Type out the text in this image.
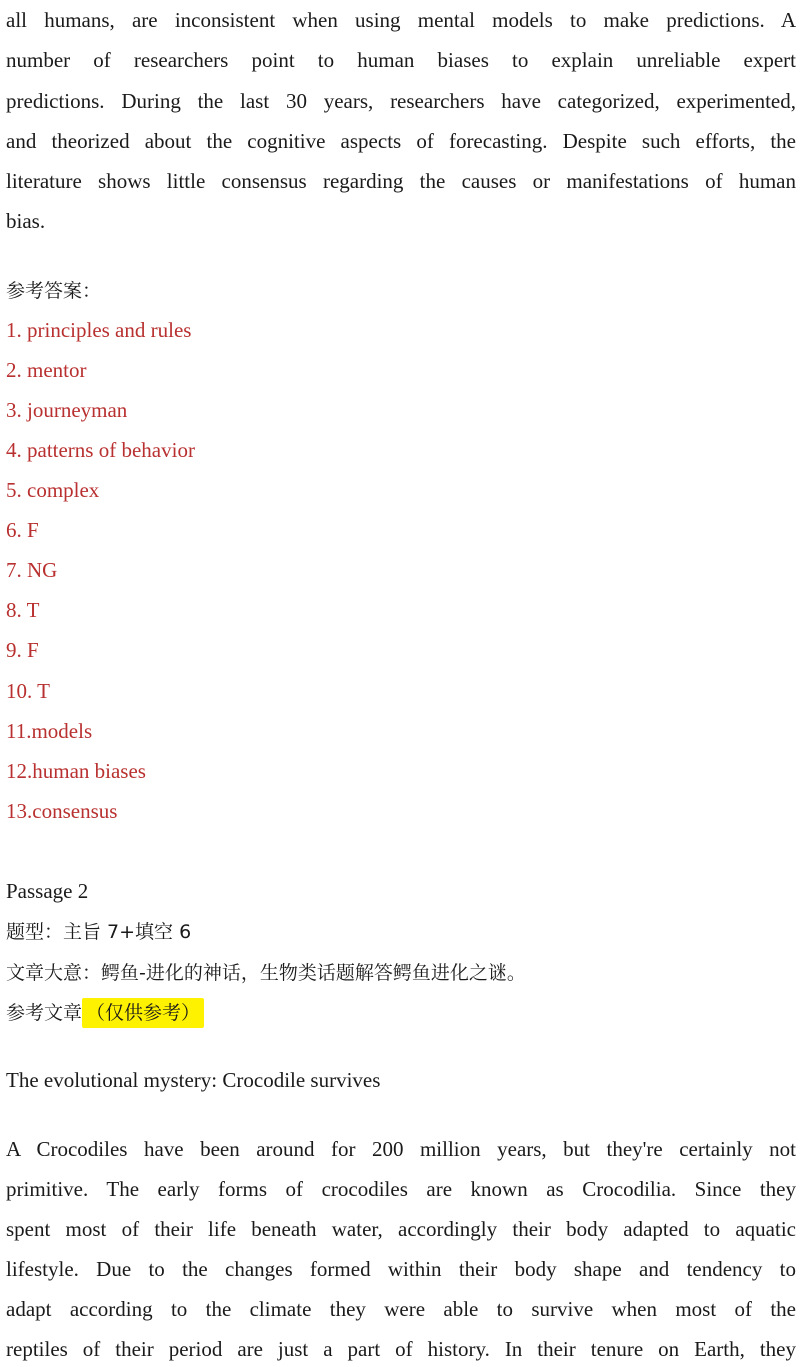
all humans, are inconsistent when using mental models to make predictions. A
number of researchers point to human biases to explain unreliable expert
predictions. During the last 30 years, researchers have categorized, experimented,
and theorized about the cognitive aspects of forecasting. Despite such efforts, the
literature shows little consensus regarding the causes or manifestations of human
bias.
参考答案：
1. principles and rules
2. mentor
3. journeyman
4. patterns of behavior
5. complex
6. F
7. NG
8. T
9. F
10. T
11.models
12.human biases
13.consensus
Passage 2
题型：主旨 7+填空 6
文章大意：鳄鱼-进化的神话，生物类话题解答鳄鱼进化之谜。
参考文章 （仅供参考）
The evolutional mystery: Crocodile survives
A Crocodiles have been around for 200 million years, but they're certainly not
primitive. The early forms of crocodiles are known as Crocodilia. Since they
spent most of their life beneath water, accordingly their body adapted to aquatic
lifestyle. Due to the changes formed within their body shape and tendency to
adapt according to the climate they were able to survive when most of the
reptiles of their period are just a part of history. In their tenure on Earth, they
